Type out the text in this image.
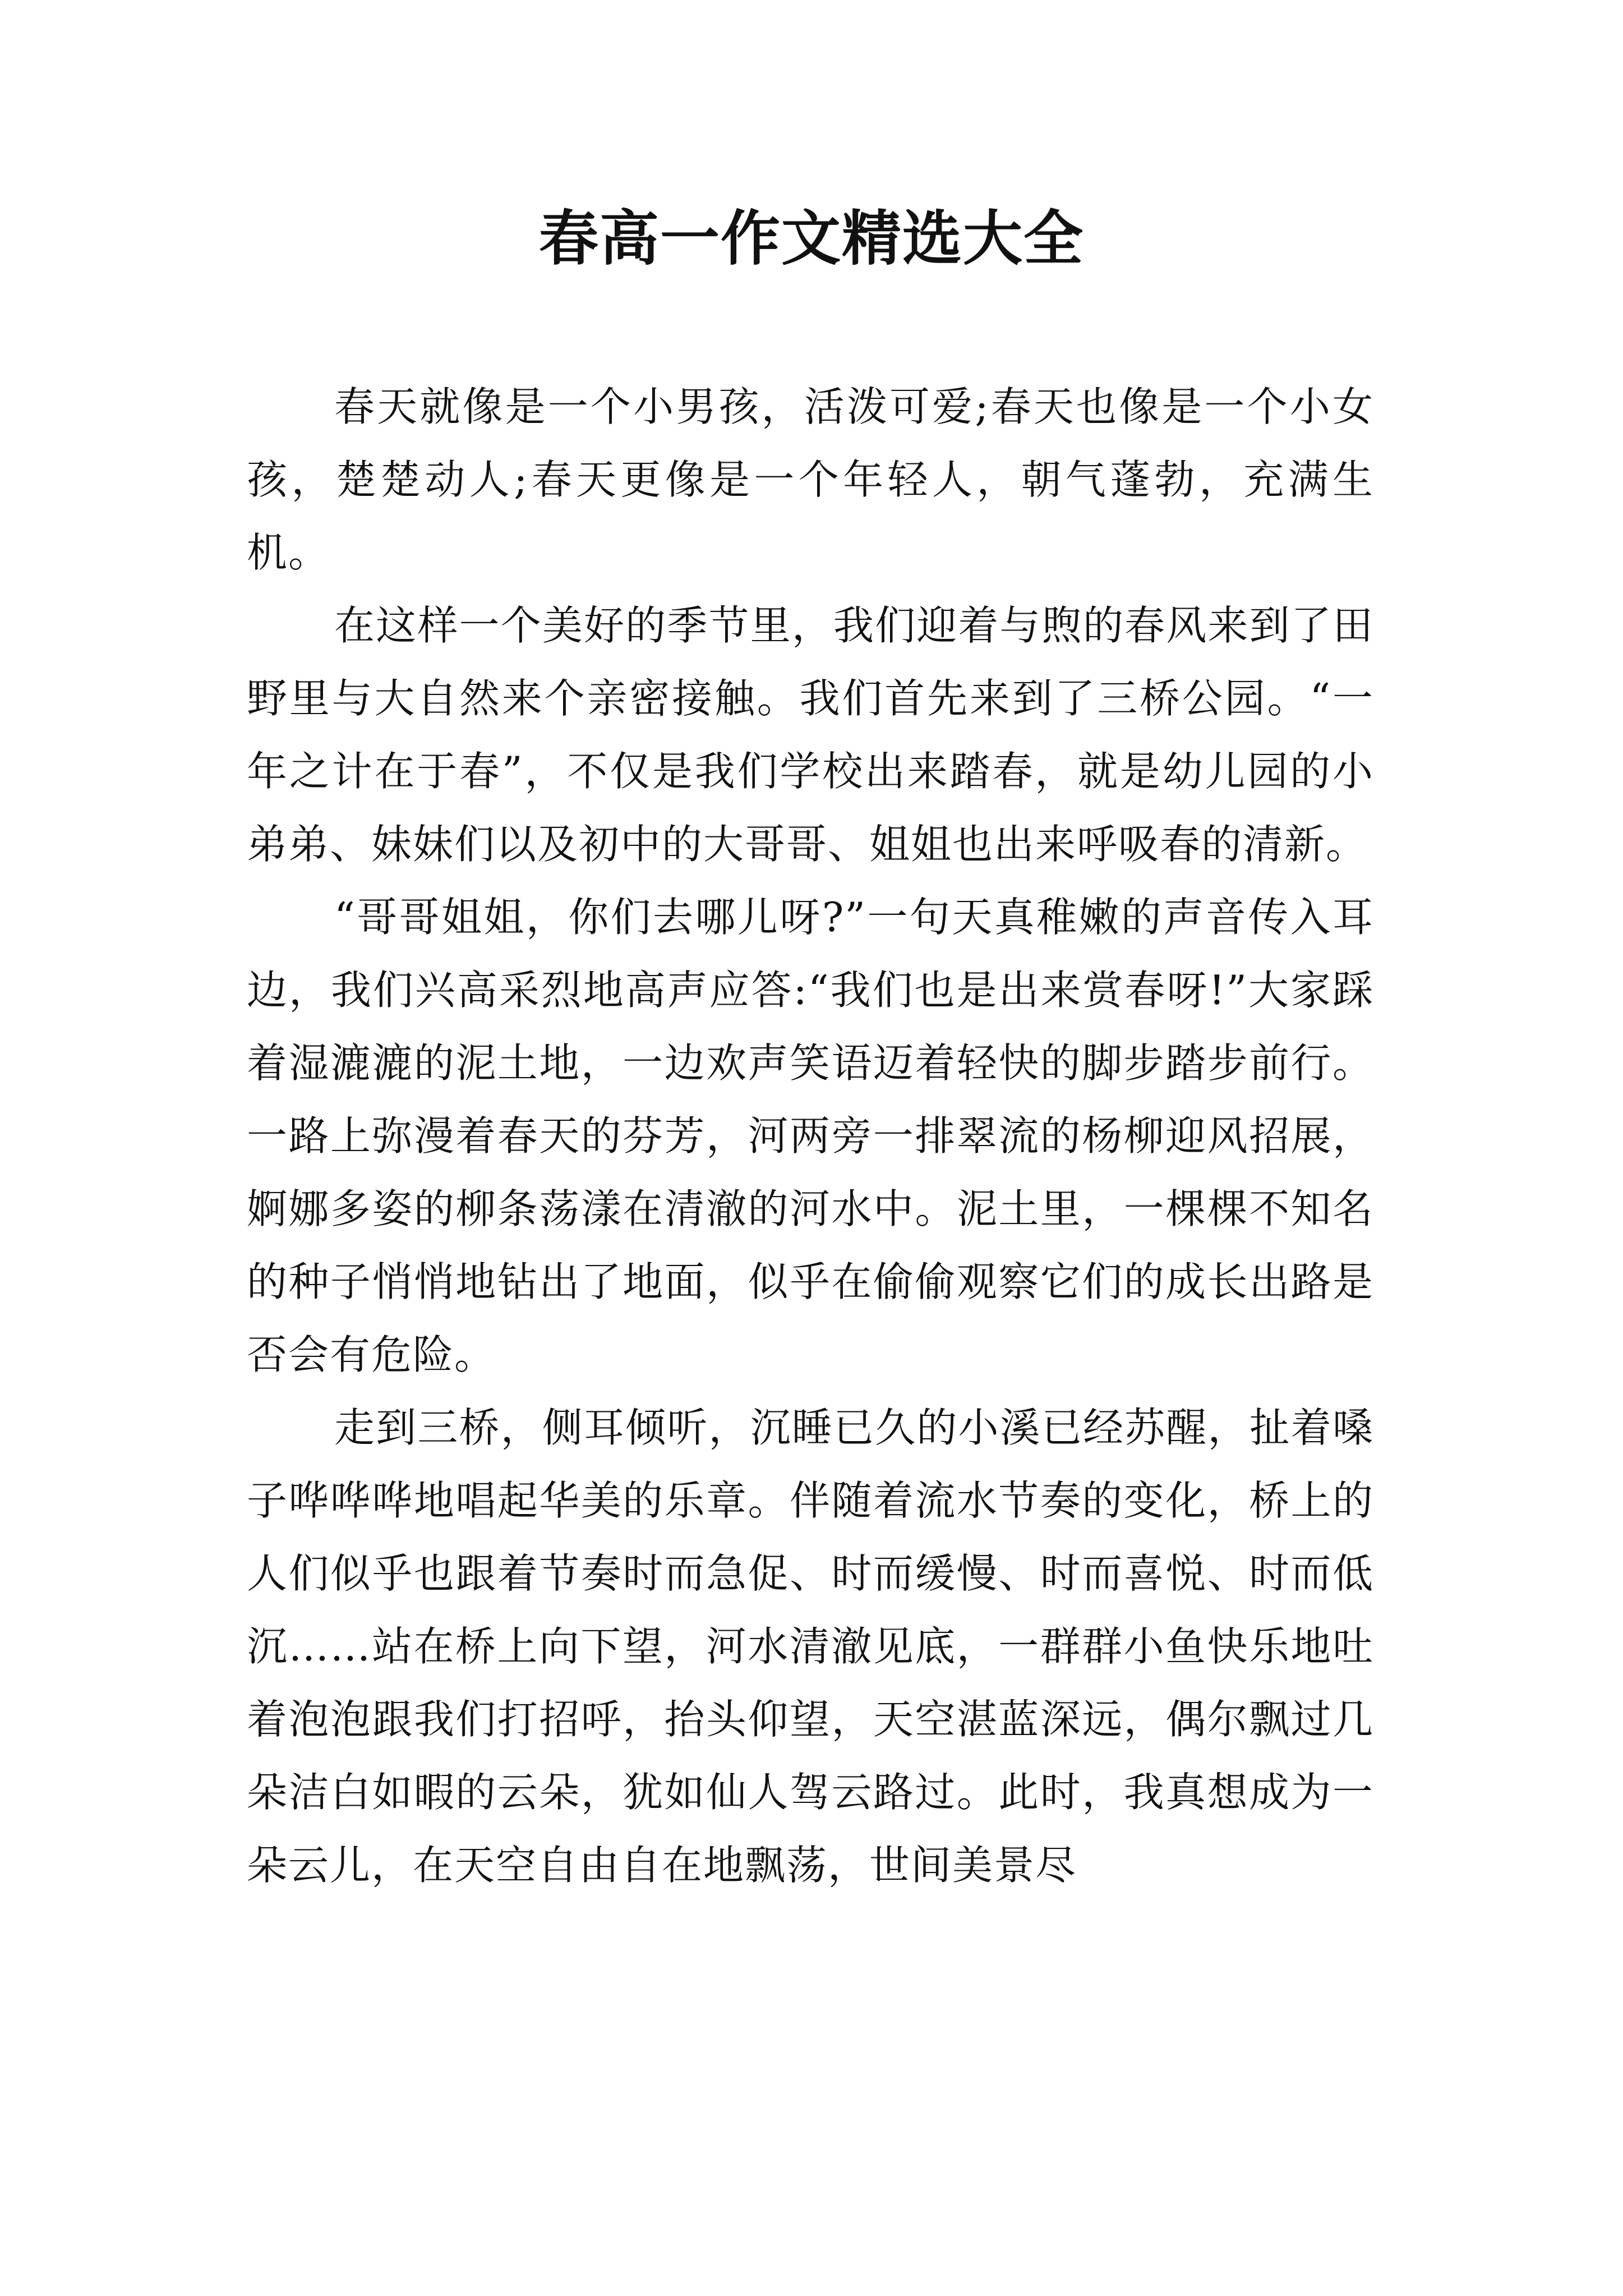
春高一作文精选大全

春天就像是一个小男孩，活泼可爱;春天也像是一个小女孩，楚楚动人;春天更像是一个年轻人，朝气蓬勃，充满生机。

在这样一个美好的季节里，我们迎着与煦的春风来到了田野里与大自然来个亲密接触。我们首先来到了三桥公园。“一年之计在于春”，不仅是我们学校出来踏春，就是幼儿园的小弟弟、妹妹们以及初中的大哥哥、姐姐也出来呼吸春的清新。

“哥哥姐姐，你们去哪儿呀?”一句天真稚嫩的声音传入耳边，我们兴高采烈地高声应答:“我们也是出来赏春呀!”大家踩着湿漉漉的泥土地，一边欢声笑语迈着轻快的脚步踏步前行。一路上弥漫着春天的芬芳，河两旁一排翠流的杨柳迎风招展，婀娜多姿的柳条荡漾在清澈的河水中。泥土里，一棵棵不知名的种子悄悄地钻出了地面，似乎在偷偷观察它们的成长出路是否会有危险。

走到三桥，侧耳倾听，沉睡已久的小溪已经苏醒，扯着嗓子哗哗哗地唱起华美的乐章。伴随着流水节奏的变化，桥上的人们似乎也跟着节奏时而急促、时而缓慢、时而喜悦、时而低沉……站在桥上向下望，河水清澈见底，一群群小鱼快乐地吐着泡泡跟我们打招呼，抬头仰望，天空湛蓝深远，偶尔飘过几朵洁白如暇的云朵，犹如仙人驾云路过。此时，我真想成为一朵云儿，在天空自由自在地飘荡，世间美景尽
